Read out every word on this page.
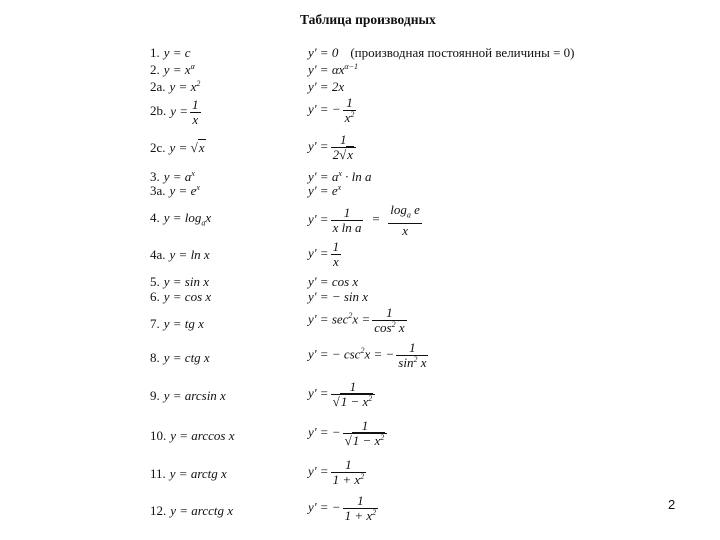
Таблица производных
1. y = c	y' = 0 (производная постоянной величины = 0)
2. $y = x^\alpha$	$y' = \alpha x^{\alpha-1}$
2a. $y = x^2$	y' = 2x
2b. $y = \frac{1}{x}$	y' = − $\frac{1}{x^2}$
2c. y = √x	$y' = \frac{1}{2√x}$
3. $y = a^x$	$y' = a^x \cdot \ln a$
3a. $y = e^x$	$y' = e^x$
4. $y = \log_ax$	$y' = \frac{1}{\text{x ln a}} = \frac{\log_a e}{x}$
4a. y = ln x	$y' = \frac{1}{x}$
5. y = sin x	y' = cos x
6. y = cos x	y' = − sin x
7. y = tg x	$y' = \sec^2x = \frac{1}{\cos^2 x}$
8. y = ctg x	y' = − $\csc^2x$ = − $\frac{1}{\sin^2 x}$
9. y = arcsin x	$y' = \frac{1}{√1 - x^2}$
10. y = arccos x	y' = − $\frac{1}{√1 - x^2}$
11. y = arctg x	$y' = \frac{1}{1 + x^2}$
12. y = arcctg x	y' = − $\frac{1}{1 + x^2}$	2
